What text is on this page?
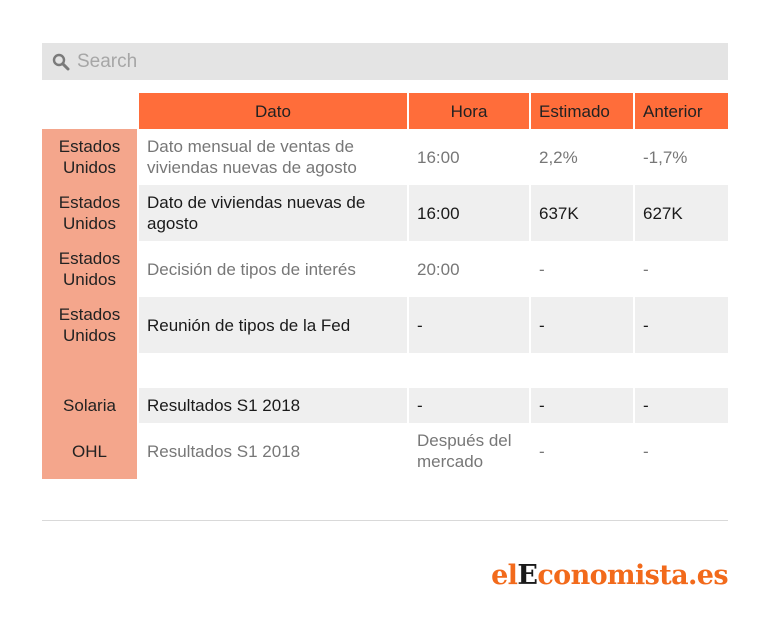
Search
	Dato	Hora	Estimado	Anterior
Estados Unidos	Dato mensual de ventas de viviendas nuevas de agosto	16:00	2,2%	-1,7%
Estados Unidos	Dato de viviendas nuevas de agosto	16:00	637K	627K
Estados Unidos	Decisión de tipos de interés	20:00	-	-
Estados Unidos	Reunión de tipos de la Fed	-	-	-

Solaria	Resultados S1 2018	-	-	-
OHL	Resultados S1 2018	Después del mercado	-	-
elEconomista.es
